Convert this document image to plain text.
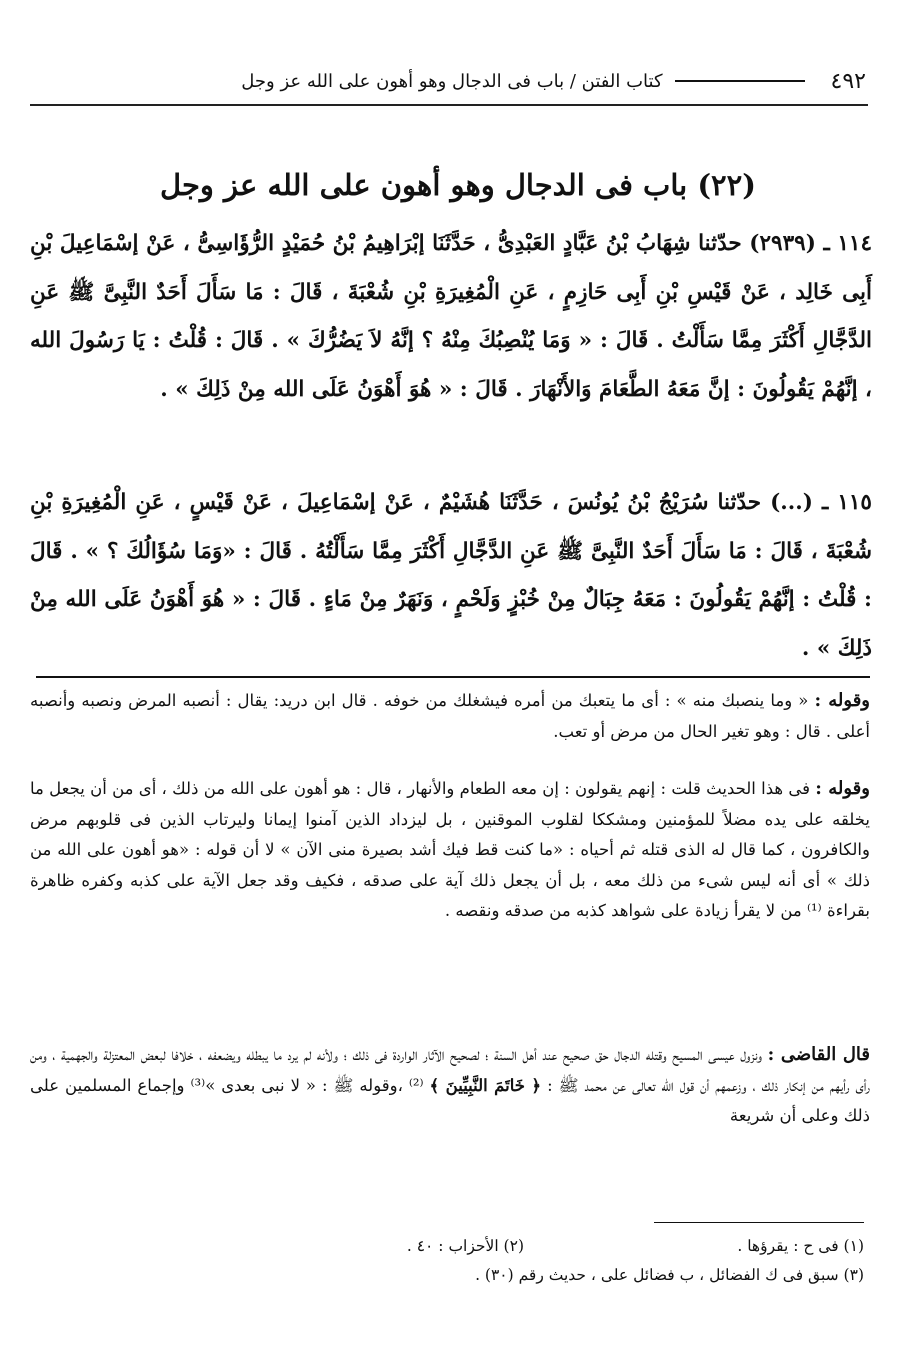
٤٩٢
كتاب الفتن / باب فى الدجال وهو أهون على الله عز وجل
(٢٢) باب فى الدجال وهو أهون على الله عز وجل

١١٤ ـ (٢٩٣٩) حدّثنا شِهَابُ بْنُ عَبَّادٍ العَبْدِىُّ ، حَدَّثَنَا إبْرَاهِيمُ بْنُ حُمَيْدٍ الرُّؤَاسِىُّ ، عَنْ إسْمَاعِيلَ بْنِ أَبِى خَالِد ، عَنْ قَيْسِ بْنِ أَبِى حَازِمٍ ، عَنِ الْمُغِيرَةِ بْنِ شُعْبَةَ ، قَالَ : مَا سَأَلَ أَحَدٌ النَّبِىَّ ﷺ عَنِ الدَّجَّالِ أَكْثَرَ مِمَّا سَأَلْتُ . قَالَ : « وَمَا يُنْصِبُكَ مِنْهُ ؟ إنَّهُ لاَ يَضُرُّكَ » . قَالَ : قُلْتُ : يَا رَسُولَ الله ، إنَّهُمْ يَقُولُونَ : إنَّ مَعَهُ الطَّعَامَ وَالأَنْهَارَ . قَالَ : « هُوَ أَهْوَنُ عَلَى الله مِنْ ذَلِكَ » .

١١٥ ـ (...) حدّثنا سُرَيْجُ بْنُ يُونُسَ ، حَدَّثَنَا هُشَيْمٌ ، عَنْ إسْمَاعِيلَ ، عَنْ قَيْسٍ ، عَنِ الْمُغِيرَةِ بْنِ شُعْبَةَ ، قَالَ : مَا سَأَلَ أَحَدٌ النَّبِىَّ ﷺ عَنِ الدَّجَّالِ أَكْثَرَ مِمَّا سَأَلْتُهُ . قَالَ : «وَمَا سُؤَالُكَ ؟ » . قَالَ : قُلْتُ : إنَّهُمْ يَقُولُونَ : مَعَهُ جِبَالٌ مِنْ خُبْزٍ وَلَحْمٍ ، وَنَهَرٌ مِنْ مَاءٍ . قَالَ : « هُوَ أَهْوَنُ عَلَى الله مِنْ ذَلِكَ » .

وقوله : « وما ينصبك منه » : أى ما يتعبك من أمره فيشغلك من خوفه . قال ابن دريد: يقال : أنصبه المرض ونصبه وأنصبه أعلى . قال : وهو تغير الحال من مرض أو تعب.

وقوله : فى هذا الحديث قلت : إنهم يقولون : إن معه الطعام والأنهار ، قال : هو أهون على الله من ذلك ، أى من أن يجعل ما يخلقه على يده مضلاً للمؤمنين ومشككا لقلوب الموقنين ، بل ليزداد الذين آمنوا إيمانا وليرتاب الذين فى قلوبهم مرض والكافرون ، كما قال له الذى قتله ثم أحياه : «ما كنت قط فيك أشد بصيرة منى الآن » لا أن قوله : «هو أهون على الله من ذلك » أى أنه ليس شىء من ذلك معه ، بل أن يجعل ذلك آية على صدقه ، فكيف وقد جعل الآية على كذبه وكفره ظاهرة بقراءة ⁽¹⁾ من لا يقرأ زيادة على شواهد كذبه من صدقه ونقصه .

قال القاضى : ونزول عيسى المسيح وقتله الدجال حق صحيح عند أهل السنة ؛ لصحيح الآثار الواردة فى ذلك ؛ ولأنه لم يرد ما يبطله ويضعفه ، خلافا لبعض المعتزلة والجهمية ، ومن رأى رأيهم من إنكار ذلك ، وزعمهم أن قول الله تعالى عن محمد ﷺ : ﴿ خَاتَمَ النَّبِيِّينَ ﴾ ⁽²⁾ ،وقوله ﷺ : « لا نبى بعدى »⁽³⁾ وإجماع المسلمين على ذلك وعلى أن شريعة

(١) فى ح : يقرؤها .
(٢) الأحزاب : ٤٠ .
(٣) سبق فى ك الفضائل ، ب فضائل على ، حديث رقم (٣٠) .
